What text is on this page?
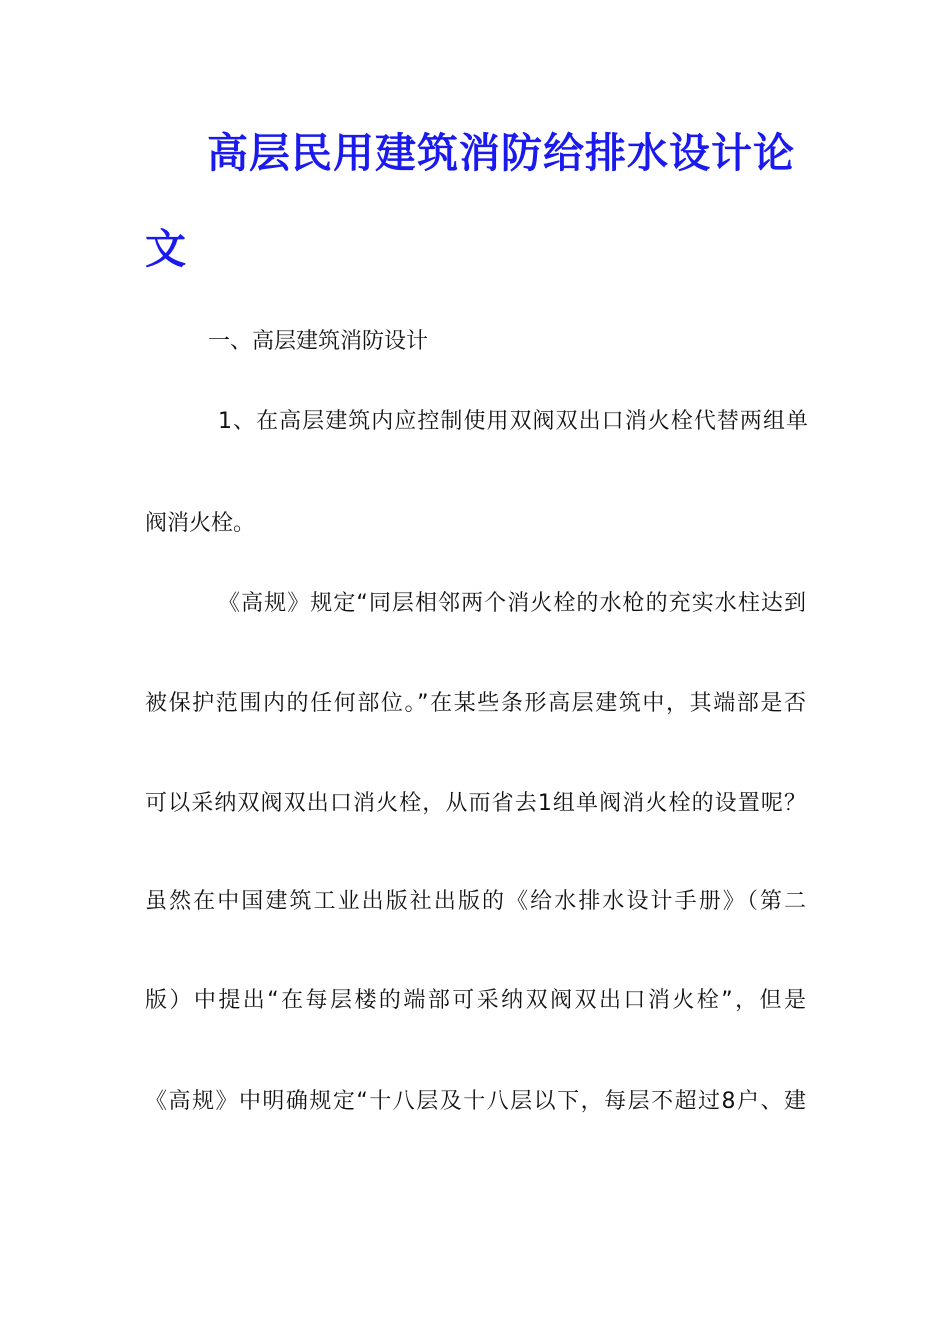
高层民用建筑消防给排水设计论
文

一、高层建筑消防设计

1、在高层建筑内应控制使用双阀双出口消火栓代替两组单

阀消火栓。

《高规》规定“同层相邻两个消火栓的水枪的充实水柱达到

被保护范围内的任何部位。”在某些条形高层建筑中，其端部是否

可以采纳双阀双出口消火栓，从而省去1组单阀消火栓的设置呢？

虽然在中国建筑工业出版社出版的《给水排水设计手册》（第二

版）中提出“在每层楼的端部可采纳双阀双出口消火栓”，但是

《高规》中明确规定“十八层及十八层以下，每层不超过8户、建
